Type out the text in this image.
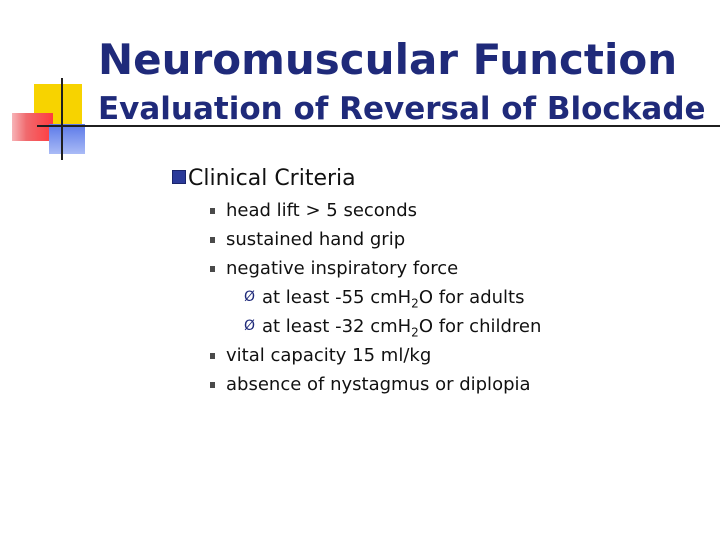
Neuromuscular Function
Evaluation of Reversal of Blockade
Clinical Criteria
head lift > 5 seconds
sustained hand grip
negative inspiratory force
Ø at least -55 cmH$_2$O for adults
Ø at least -32 cmH$_2$O for children
vital capacity 15 ml/kg
absence of nystagmus or diplopia
